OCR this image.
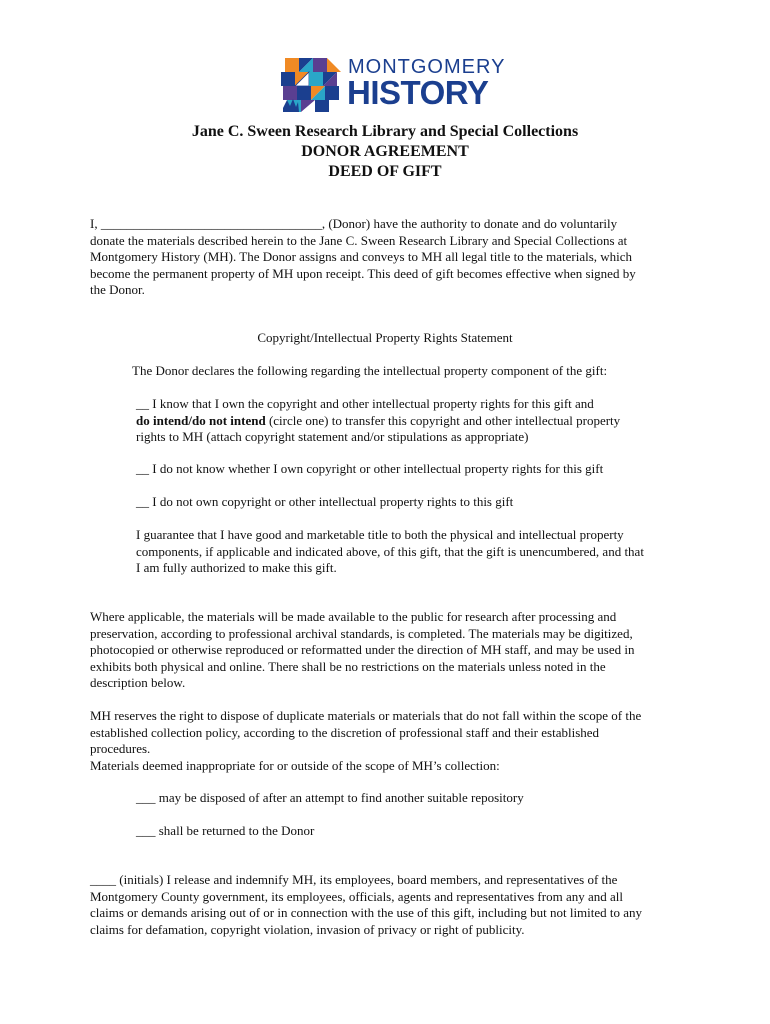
MONTGOMERY
HISTORY
Jane C. Sween Research Library and Special Collections
DONOR AGREEMENT
DEED OF GIFT
I, __________________________________, (Donor) have the authority to donate and do voluntarily
donate the materials described herein to the Jane C. Sween Research Library and Special Collections at
Montgomery History (MH). The Donor assigns and conveys to MH all legal title to the materials, which
become the permanent property of MH upon receipt. This deed of gift becomes effective when signed by
the Donor.
Copyright/Intellectual Property Rights Statement
The Donor declares the following regarding the intellectual property component of the gift:
__ I know that I own the copyright and other intellectual property rights for this gift and
do intend/do not intend (circle one) to transfer this copyright and other intellectual property
rights to MH (attach copyright statement and/or stipulations as appropriate)
__ I do not know whether I own copyright or other intellectual property rights for this gift
__ I do not own copyright or other intellectual property rights to this gift
I guarantee that I have good and marketable title to both the physical and intellectual property
components, if applicable and indicated above, of this gift, that the gift is unencumbered, and that
I am fully authorized to make this gift.
Where applicable, the materials will be made available to the public for research after processing and
preservation, according to professional archival standards, is completed. The materials may be digitized,
photocopied or otherwise reproduced or reformatted under the direction of MH staff, and may be used in
exhibits both physical and online. There shall be no restrictions on the materials unless noted in the
description below.
MH reserves the right to dispose of duplicate materials or materials that do not fall within the scope of the
established collection policy, according to the discretion of professional staff and their established
procedures.
Materials deemed inappropriate for or outside of the scope of MH’s collection:
___ may be disposed of after an attempt to find another suitable repository
___ shall be returned to the Donor
____ (initials) I release and indemnify MH, its employees, board members, and representatives of the
Montgomery County government, its employees, officials, agents and representatives from any and all
claims or demands arising out of or in connection with the use of this gift, including but not limited to any
claims for defamation, copyright violation, invasion of privacy or right of publicity.
